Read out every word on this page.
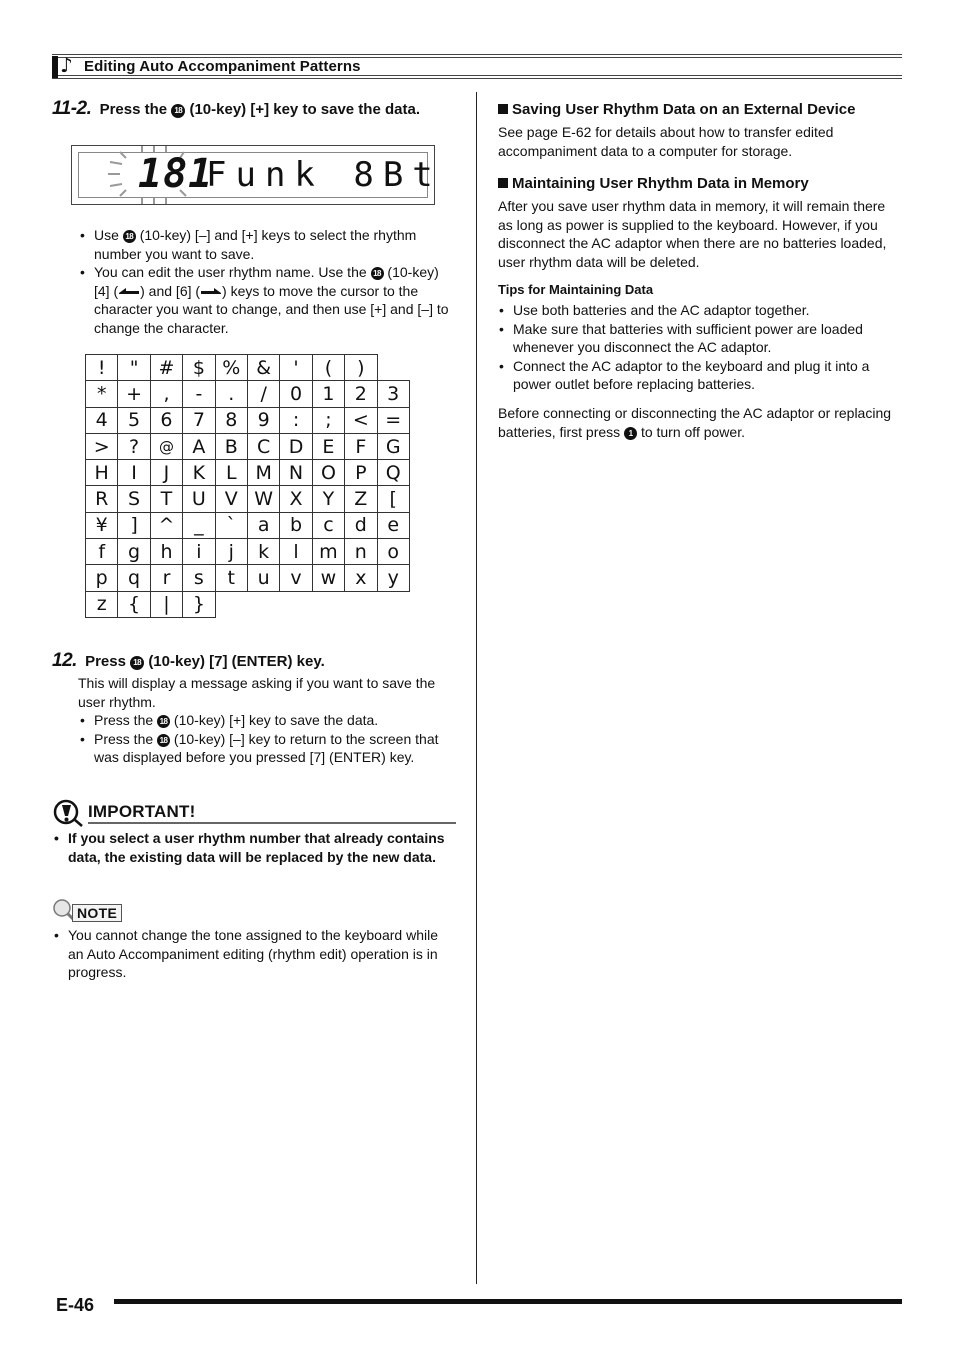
♪ Editing Auto Accompaniment Patterns
11-2. Press the 18 (10-key) [+] key to save the data.
181
Funk 8Bt
• Use 18 (10-key) [–] and [+] keys to select the rhythm number you want to save.
• You can edit the user rhythm name. Use the 18 (10-key) [4] ( ) and [6] ( ) keys to move the cursor to the character you want to change, and then use [+] and [–] to change the character.
!	"	#	$	%	&	'	(	)	
*	+	,	-	.	/	0	1	2	3
4	5	6	7	8	9	:	;	<	=
>	?	@	A	B	C	D	E	F	G
H	I	J	K	L	M	N	O	P	Q
R	S	T	U	V	W	X	Y	Z	[
¥	]	^	_	`	a	b	c	d	e
f	g	h	i	j	k	l	m	n	o
p	q	r	s	t	u	v	w	x	y
z	{	|	}						
12. Press 18 (10-key) [7] (ENTER) key.
This will display a message asking if you want to save the user rhythm.
• Press the 18 (10-key) [+] key to save the data.
• Press the 18 (10-key) [–] key to return to the screen that was displayed before you pressed [7] (ENTER) key.
IMPORTANT!
• If you select a user rhythm number that already contains data, the existing data will be replaced by the new data.
NOTE
• You cannot change the tone assigned to the keyboard while an Auto Accompaniment editing (rhythm edit) operation is in progress.
Saving User Rhythm Data on an External Device
See page E-62 for details about how to transfer edited accompaniment data to a computer for storage.
Maintaining User Rhythm Data in Memory
After you save user rhythm data in memory, it will remain there as long as power is supplied to the keyboard. However, if you disconnect the AC adaptor when there are no batteries loaded, user rhythm data will be deleted.
Tips for Maintaining Data
• Use both batteries and the AC adaptor together.
• Make sure that batteries with sufficient power are loaded whenever you disconnect the AC adaptor.
• Connect the AC adaptor to the keyboard and plug it into a power outlet before replacing batteries.
Before connecting or disconnecting the AC adaptor or replacing batteries, first press 1 to turn off power.
E-46
